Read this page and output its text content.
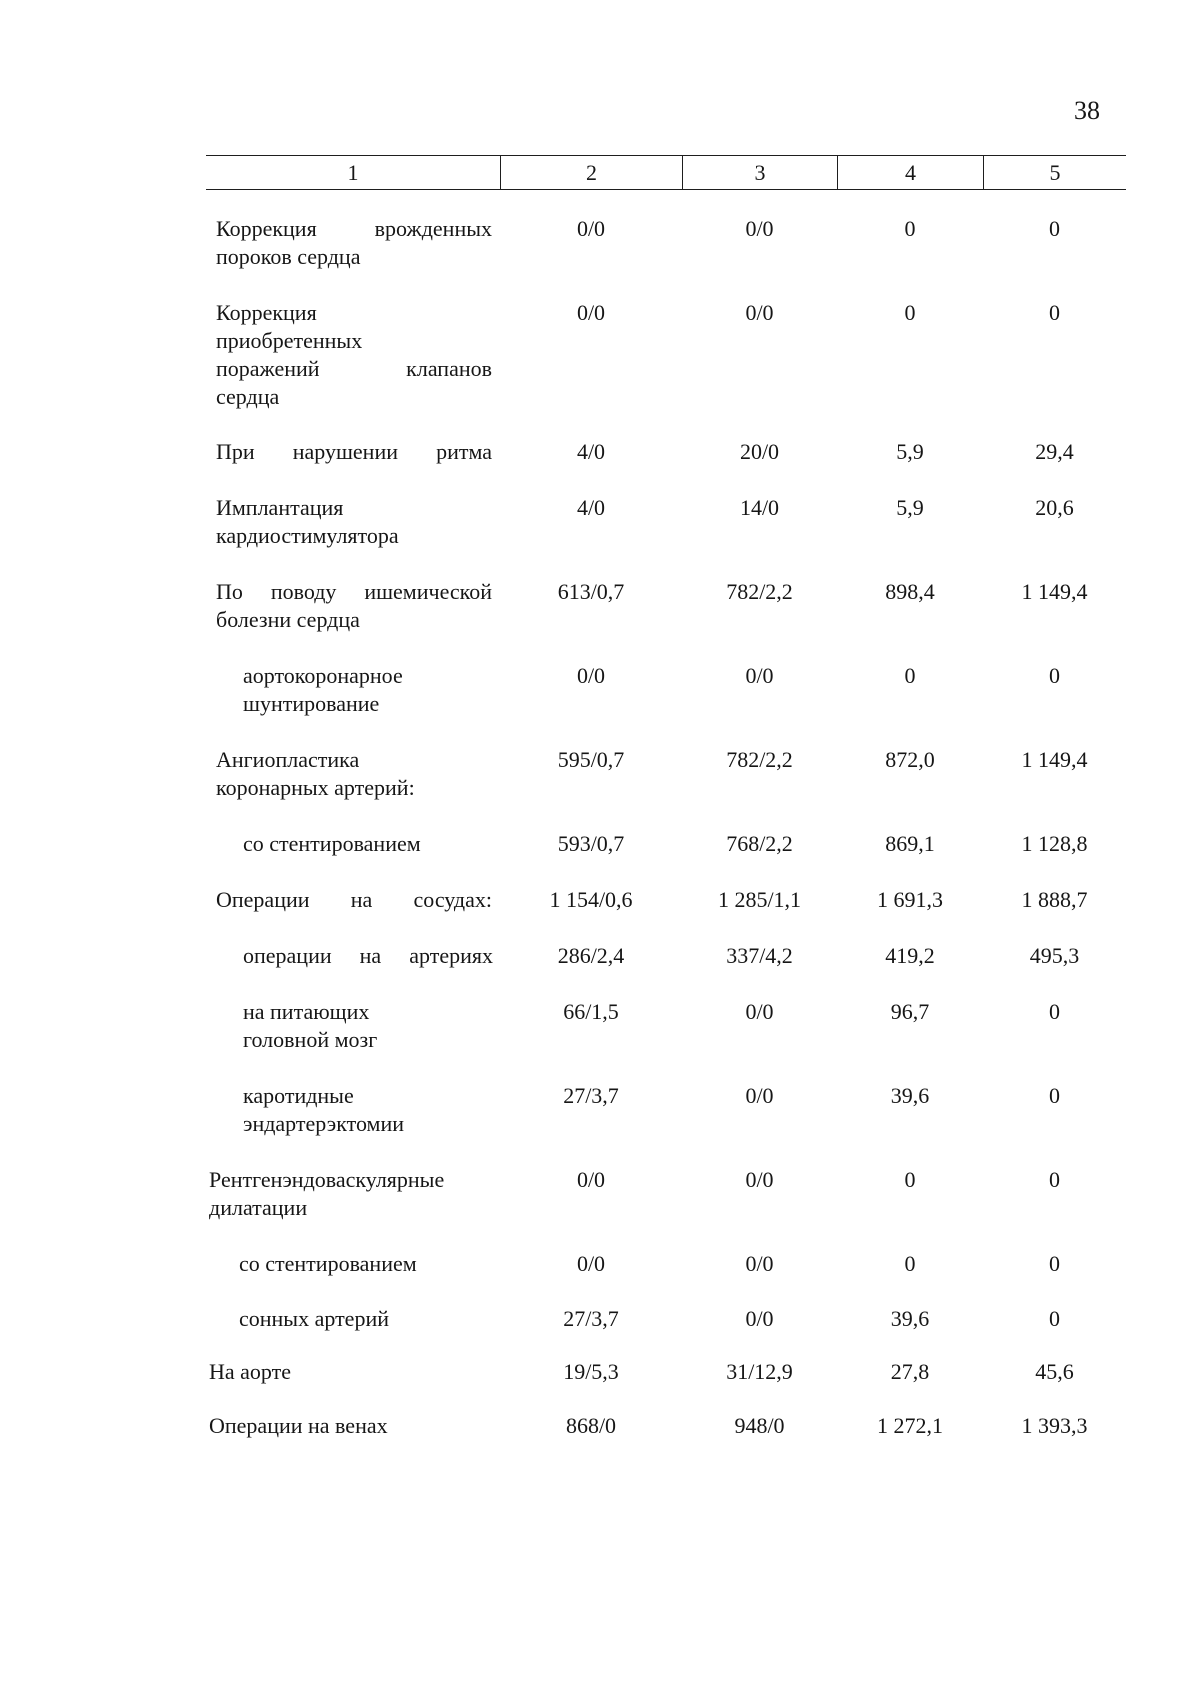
38
1	2	3	4	5
Коррекция врожденных
пороков сердца
0/0	0/0	0	0
Коррекция
приобретенных
поражений клапанов
сердца
0/0	0/0	0	0
При нарушении ритма	4/0	20/0	5,9	29,4
Имплантация
кардиостимулятора
4/0	14/0	5,9	20,6
По поводу ишемической
болезни сердца
613/0,7	782/2,2	898,4	1 149,4
аортокоронарное
шунтирование
0/0	0/0	0	0
Ангиопластика
коронарных артерий:
595/0,7	782/2,2	872,0	1 149,4
со стентированием	593/0,7	768/2,2	869,1	1 128,8
Операции на сосудах:	1 154/0,6	1 285/1,1	1 691,3	1 888,7
операции на артериях	286/2,4	337/4,2	419,2	495,3
на питающих
головной мозг
66/1,5	0/0	96,7	0
каротидные
эндартерэктомии
27/3,7	0/0	39,6	0
Рентгенэндоваскулярные
дилатации
0/0	0/0	0	0
со стентированием	0/0	0/0	0	0
сонных артерий	27/3,7	0/0	39,6	0
На аорте	19/5,3	31/12,9	27,8	45,6
Операции на венах	868/0	948/0	1 272,1	1 393,3
